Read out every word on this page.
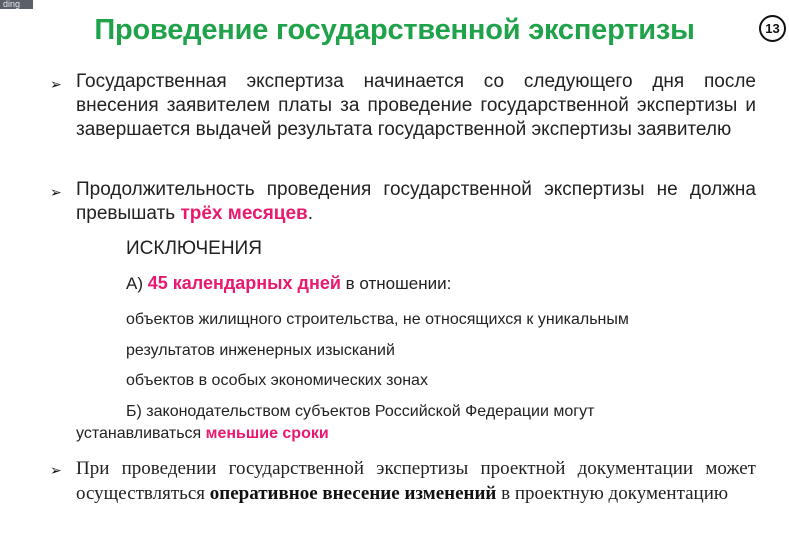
ding
Проведение государственной экспертизы	13
➢ Государственная экспертиза начинается со следующего дня после внесения заявителем платы за проведение государственной экспертизы и завершается выдачей результата государственной экспертизы заявителю
➢ Продолжительность проведения государственной экспертизы не должна превышать трёх месяцев.
ИСКЛЮЧЕНИЯ
А) 45 календарных дней в отношении:
объектов жилищного строительства, не относящихся к уникальным
результатов инженерных изысканий
объектов в особых экономических зонах
Б) законодательством субъектов Российской Федерации могут
устанавливаться меньшие сроки
➢ При проведении государственной экспертизы проектной документации может осуществляться оперативное внесение изменений в проектную документацию
